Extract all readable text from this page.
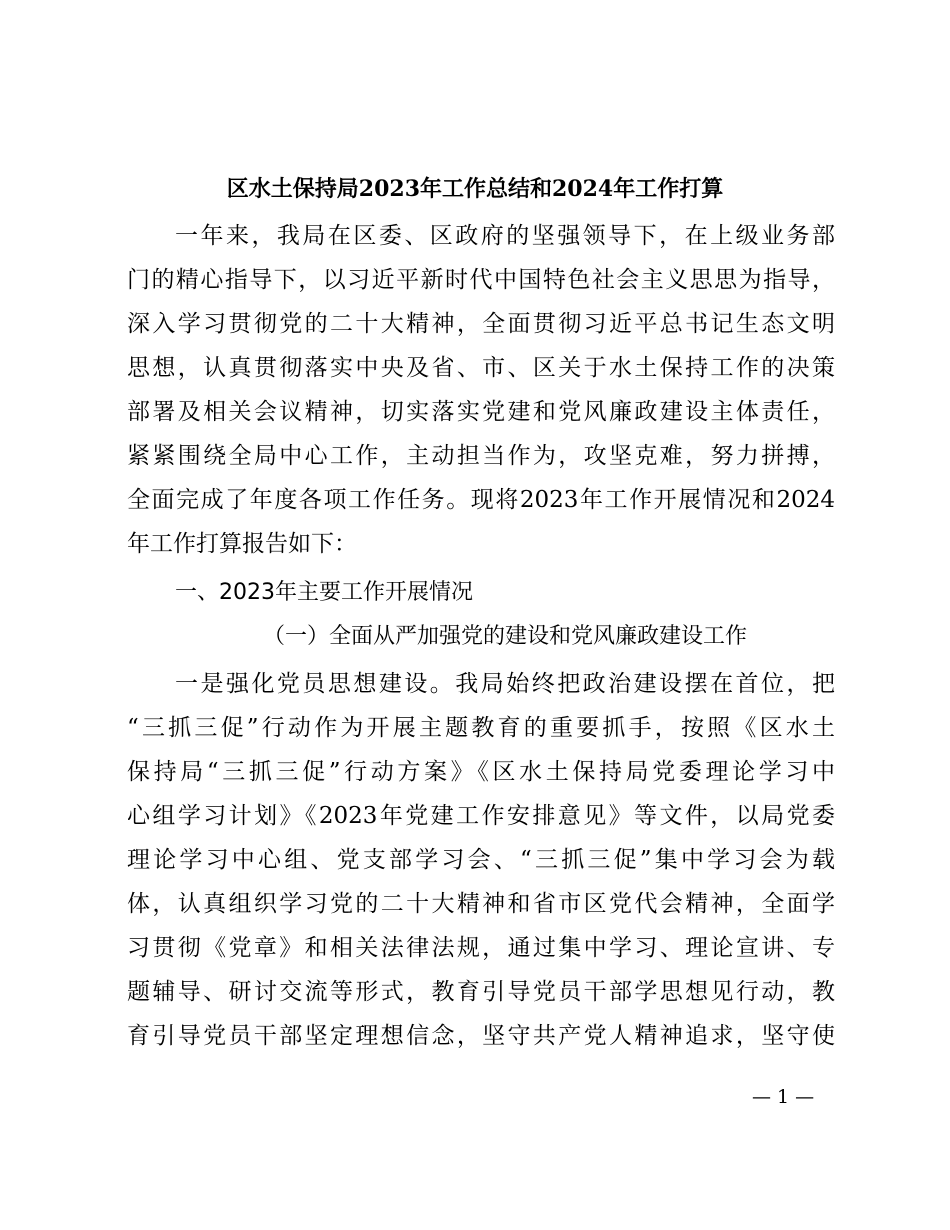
区水土保持局2023年工作总结和2024年工作打算
一年来，我局在区委、区政府的坚强领导下，在上级业务部
门的精心指导下，以习近平新时代中国特色社会主义思思为指导，
深入学习贯彻党的二十大精神，全面贯彻习近平总书记生态文明
思想，认真贯彻落实中央及省、市、区关于水土保持工作的决策
部署及相关会议精神，切实落实党建和党风廉政建设主体责任，
紧紧围绕全局中心工作，主动担当作为，攻坚克难，努力拼搏，
全面完成了年度各项工作任务。现将2023年工作开展情况和2024
年工作打算报告如下：
一、2023年主要工作开展情况
（一）全面从严加强党的建设和党风廉政建设工作
一是强化党员思想建设。我局始终把政治建设摆在首位，把
“三抓三促”行动作为开展主题教育的重要抓手，按照《区水土
保持局“三抓三促”行动方案》《区水土保持局党委理论学习中
心组学习计划》《2023年党建工作安排意见》等文件，以局党委
理论学习中心组、党支部学习会、“三抓三促”集中学习会为载
体，认真组织学习党的二十大精神和省市区党代会精神，全面学
习贯彻《党章》和相关法律法规，通过集中学习、理论宣讲、专
题辅导、研讨交流等形式，教育引导党员干部学思想见行动，教
育引导党员干部坚定理想信念，坚守共产党人精神追求，坚守使
— 1 —
